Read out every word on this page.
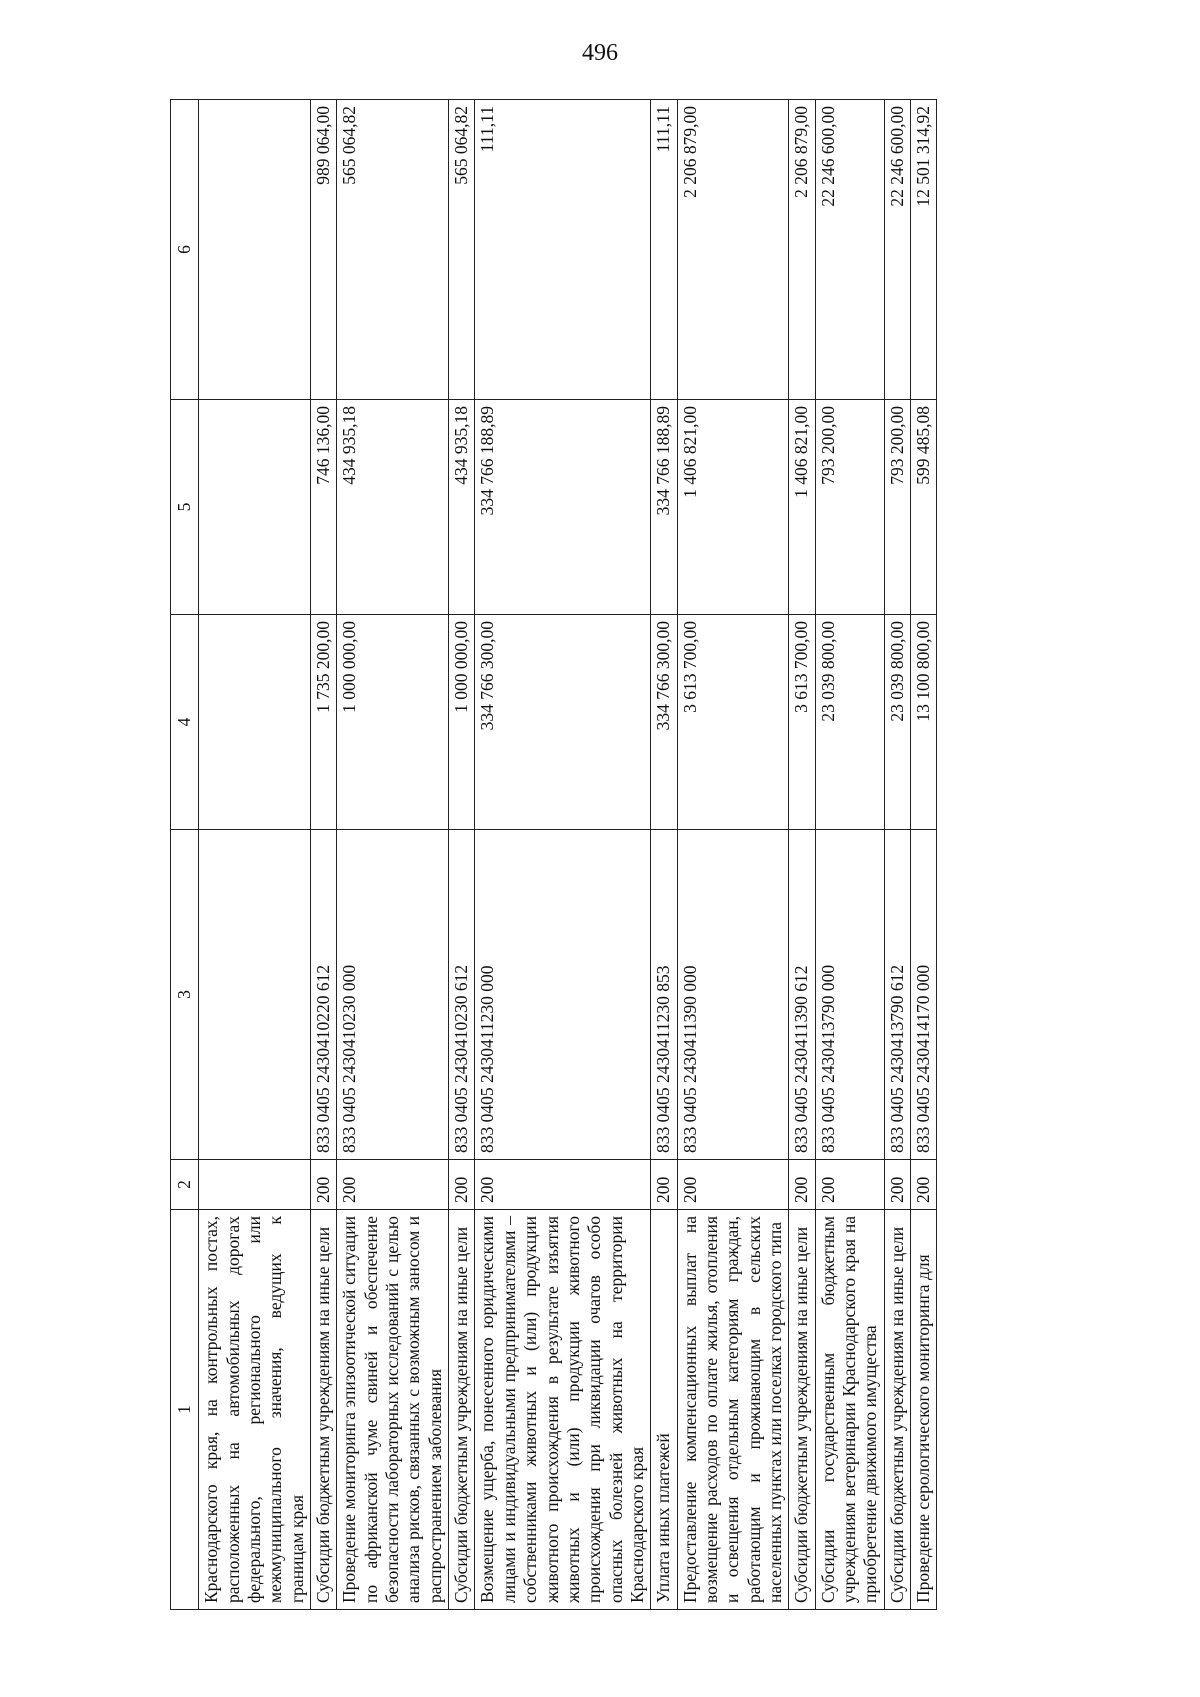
496
1	2	3	4	5	6
Краснодарского края, на контрольных постах, расположенных на автомобильных дорогах федерального, регионального или межмуниципального значения, ведущих к границам края					
Субсидии бюджетным учреждениям на иные цели	200	833 0405 2430410220 612	1 735 200,00	746 136,00	989 064,00
Проведение мониторинга эпизоотической ситуации по африканской чуме свиней и обеспечение безопасности лабораторных исследований с целью анализа рисков, связанных с возможным заносом и распространением заболевания	200	833 0405 2430410230 000	1 000 000,00	434 935,18	565 064,82
Субсидии бюджетным учреждениям на иные цели	200	833 0405 2430410230 612	1 000 000,00	434 935,18	565 064,82
Возмещение ущерба, понесенного юридическими лицами и индивидуальными предпринимателями – собственниками животных и (или) продукции животного происхождения в результате изъятия животных и (или) продукции животного происхождения при ликвидации очагов особо опасных болезней животных на территории Краснодарского края	200	833 0405 2430411230 000	334 766 300,00	334 766 188,89	111,11
Уплата иных платежей	200	833 0405 2430411230 853	334 766 300,00	334 766 188,89	111,11
Предоставление компенсационных выплат на возмещение расходов по оплате жилья, отопления и освещения отдельным категориям граждан, работающим и проживающим в сельских населенных пунктах или поселках городского типа	200	833 0405 2430411390 000	3 613 700,00	1 406 821,00	2 206 879,00
Субсидии бюджетным учреждениям на иные цели	200	833 0405 2430411390 612	3 613 700,00	1 406 821,00	2 206 879,00
Субсидии государственным бюджетным учреждениям ветеринарии Краснодарского края на приобретение движимого имущества	200	833 0405 2430413790 000	23 039 800,00	793 200,00	22 246 600,00
Субсидии бюджетным учреждениям на иные цели	200	833 0405 2430413790 612	23 039 800,00	793 200,00	22 246 600,00
Проведение серологического мониторинга для	200	833 0405 2430414170 000	13 100 800,00	599 485,08	12 501 314,92
